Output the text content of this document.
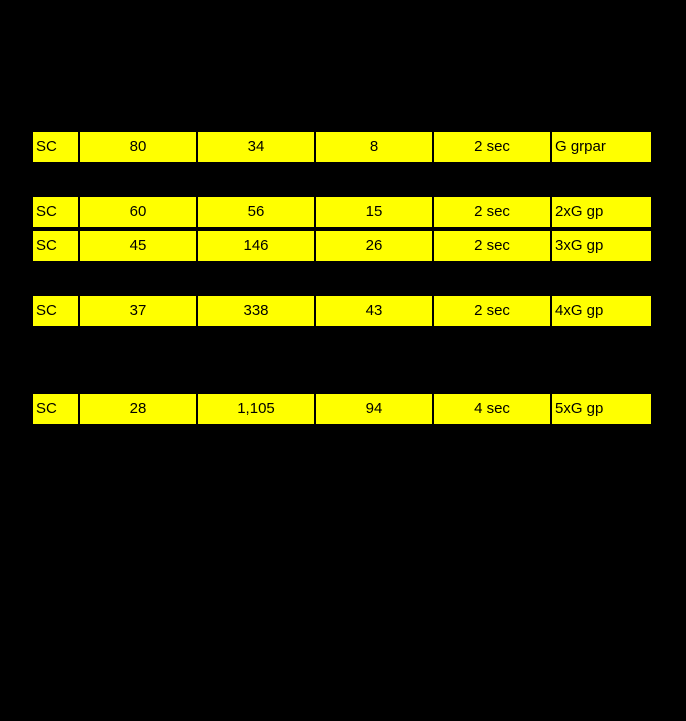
SC	80	34	8	2 sec	G grpar
SC	60	56	15	2 sec	2xG gp
SC	45	146	26	2 sec	3xG gp
SC	37	338	43	2 sec	4xG gp
SC	28	1,105	94	4 sec	5xG gp
